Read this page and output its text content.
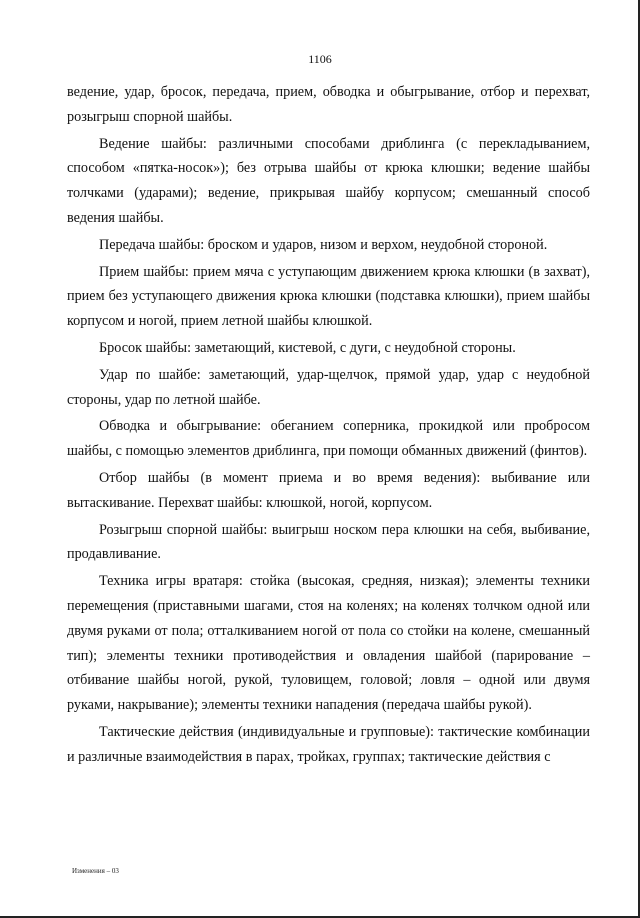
1106

ведение, удар, бросок, передача, прием, обводка и обыгрывание, отбор и перехват, розыгрыш спорной шайбы.

Ведение шайбы: различными способами дриблинга (с перекладыванием, способом «пятка-носок»); без отрыва шайбы от крюка клюшки; ведение шайбы толчками (ударами); ведение, прикрывая шайбу корпусом; смешанный способ ведения шайбы.

Передача шайбы: броском и ударов, низом и верхом, неудобной стороной.

Прием шайбы: прием мяча с уступающим движением крюка клюшки (в захват), прием без уступающего движения крюка клюшки (подставка клюшки), прием шайбы корпусом и ногой, прием летной шайбы клюшкой.

Бросок шайбы: заметающий, кистевой, с дуги, с неудобной стороны.

Удар по шайбе: заметающий, удар-щелчок, прямой удар, удар с неудобной стороны, удар по летной шайбе.

Обводка и обыгрывание: обеганием соперника, прокидкой или пробросом шайбы, с помощью элементов дриблинга, при помощи обманных движений (финтов).

Отбор шайбы (в момент приема и во время ведения): выбивание или вытаскивание. Перехват шайбы: клюшкой, ногой, корпусом.

Розыгрыш спорной шайбы: выигрыш носком пера клюшки на себя, выбивание, продавливание.

Техника игры вратаря: стойка (высокая, средняя, низкая); элементы техники перемещения (приставными шагами, стоя на коленях; на коленях толчком одной или двумя руками от пола; отталкиванием ногой от пола со стойки на колене, смешанный тип); элементы техники противодействия и овладения шайбой (парирование – отбивание шайбы ногой, рукой, туловищем, головой; ловля – одной или двумя руками, накрывание); элементы техники нападения (передача шайбы рукой).

Тактические действия (индивидуальные и групповые): тактические комбинации и различные взаимодействия в парах, тройках, группах; тактические действия с

Изменения – 03
